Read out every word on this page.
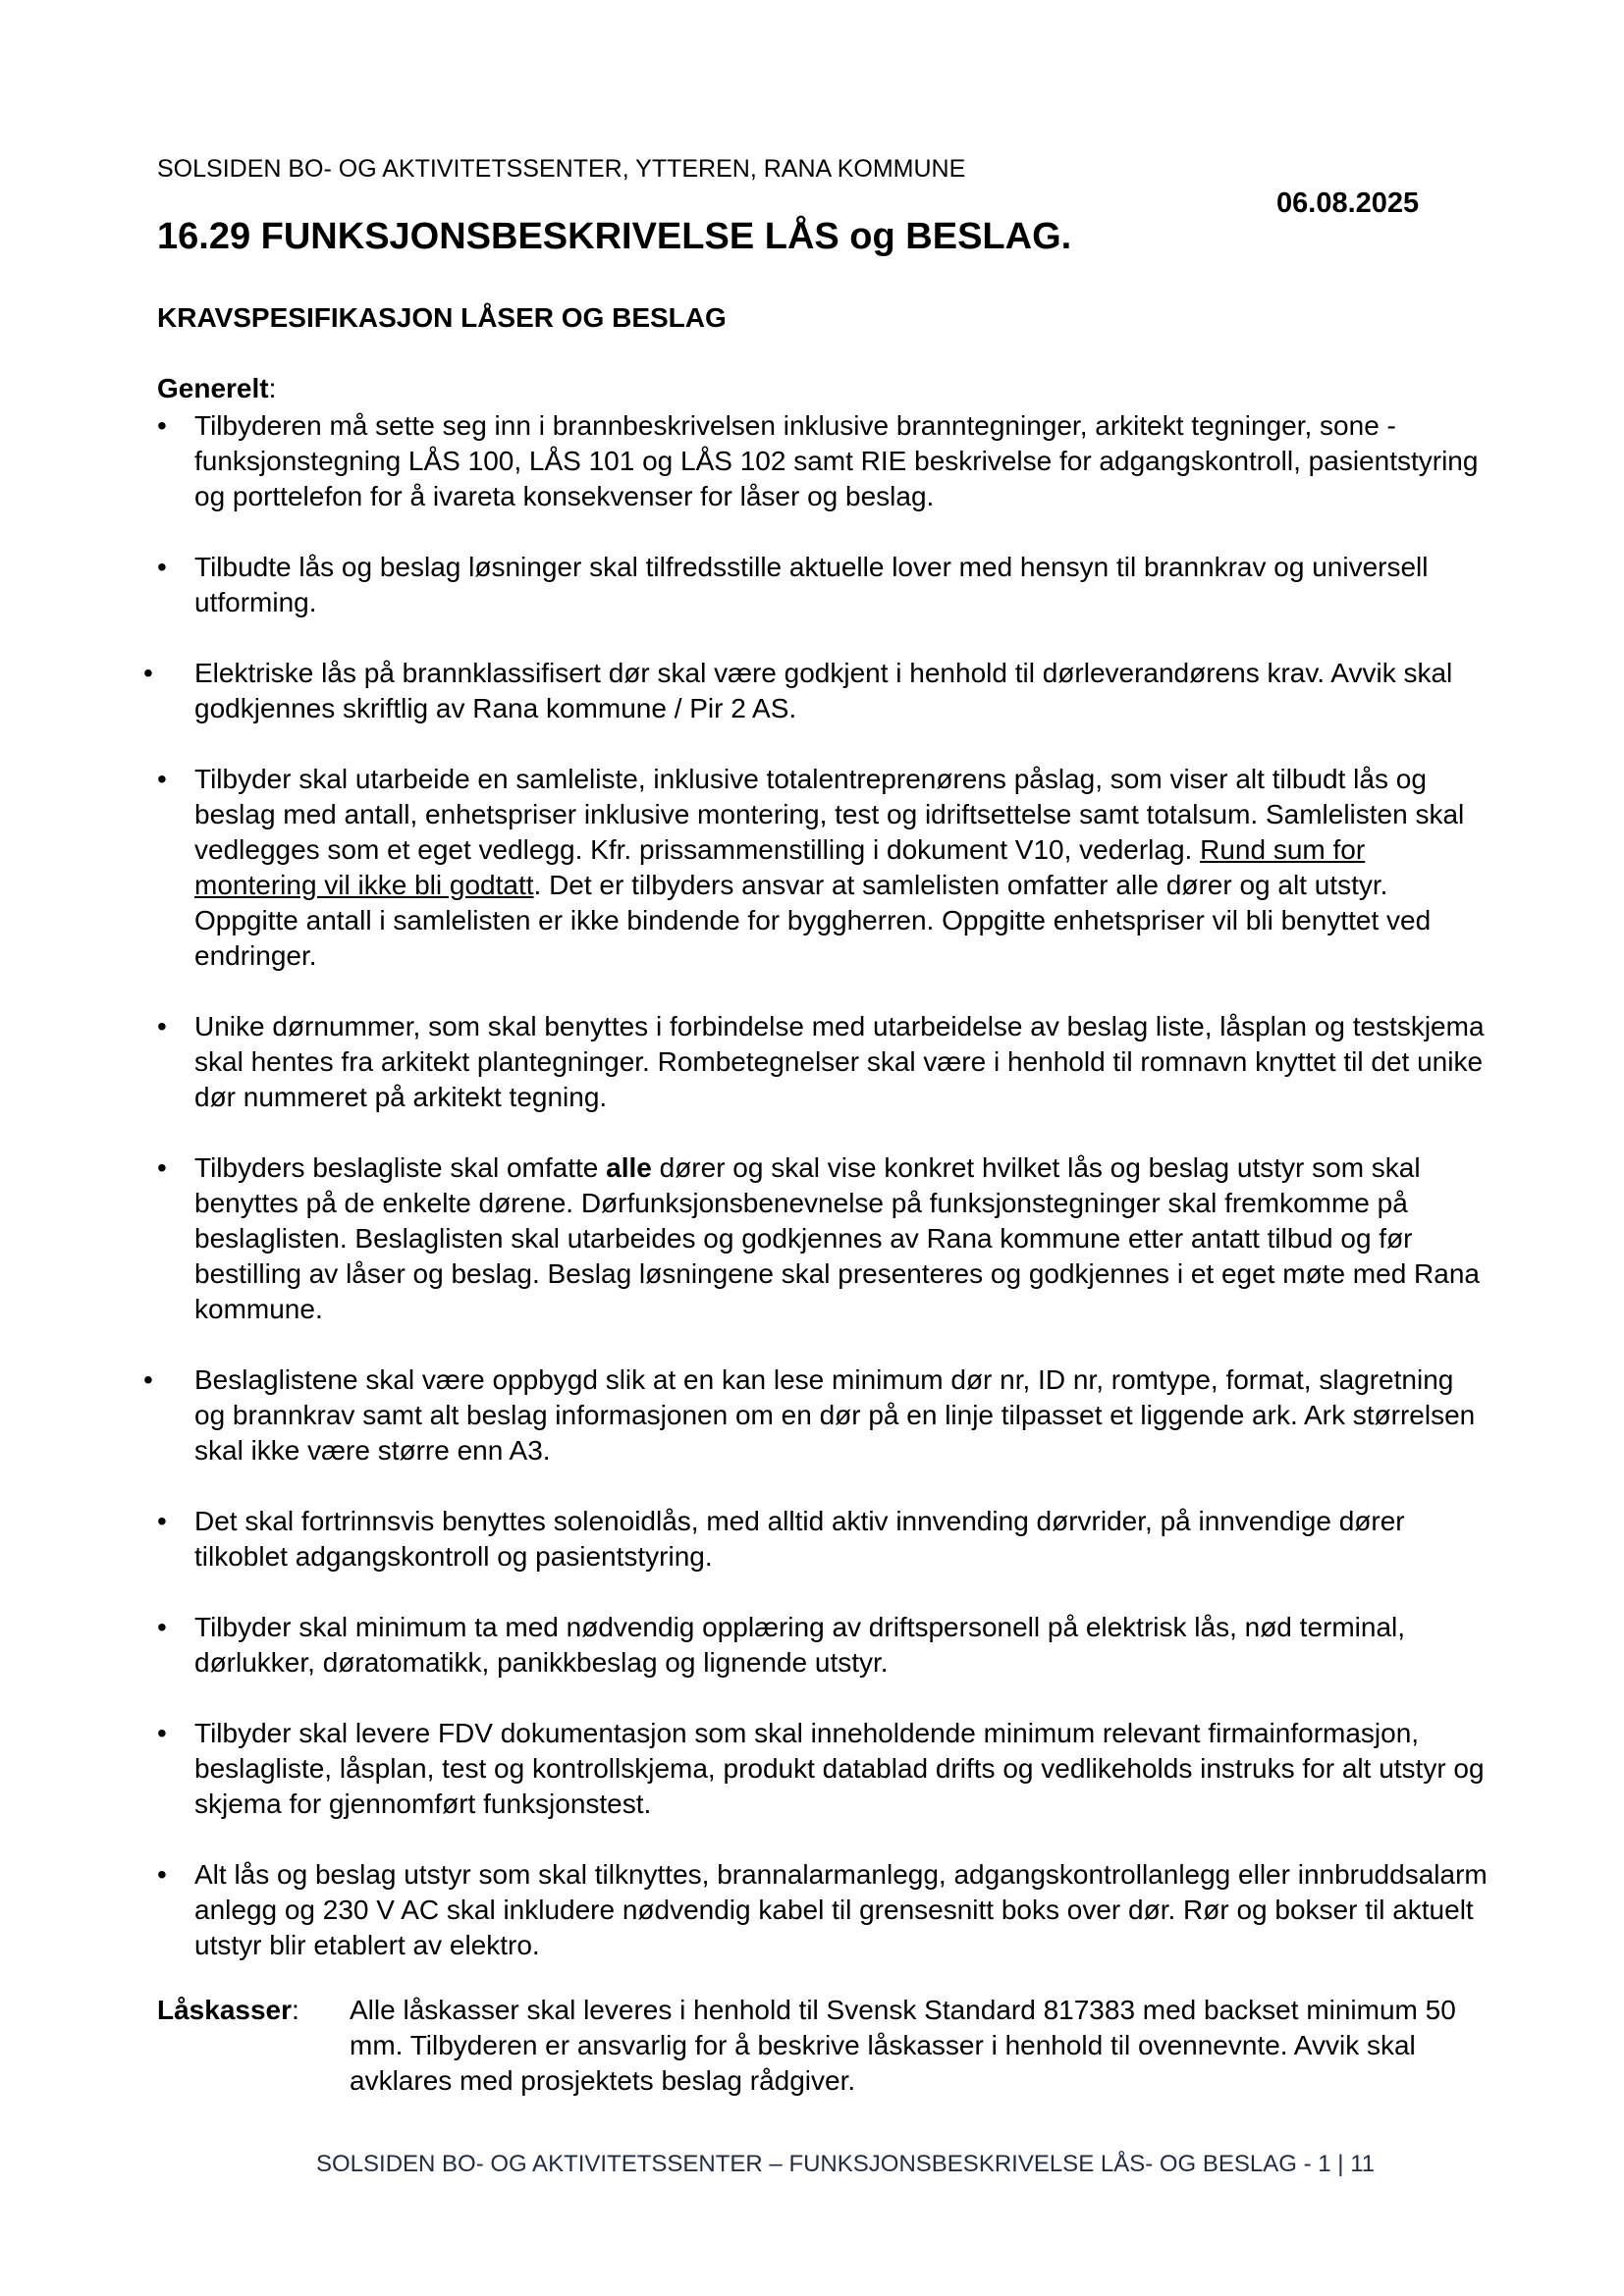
SOLSIDEN BO- OG AKTIVITETSSENTER, YTTEREN, RANA KOMMUNE
06.08.2025
16.29 FUNKSJONSBESKRIVELSE LÅS og BESLAG.
KRAVSPESIFIKASJON LÅSER OG BESLAG
Generelt:
•	Tilbyderen må sette seg inn i brannbeskrivelsen inklusive branntegninger, arkitekt tegninger, sone - funksjonstegning LÅS 100, LÅS 101 og LÅS 102 samt RIE beskrivelse for adgangskontroll, pasientstyring og porttelefon for å ivareta konsekvenser for låser og beslag.
•	Tilbudte lås og beslag løsninger skal tilfredsstille aktuelle lover med hensyn til brannkrav og universell utforming.
•	Elektriske lås på brannklassifisert dør skal være godkjent i henhold til dørleverandørens krav. Avvik skal godkjennes skriftlig av Rana kommune / Pir 2 AS.
•	Tilbyder skal utarbeide en samleliste, inklusive totalentreprenørens påslag, som viser alt tilbudt lås og beslag med antall, enhetspriser inklusive montering, test og idriftsettelse samt totalsum. Samlelisten skal vedlegges som et eget vedlegg. Kfr. prissammenstilling i dokument V10, vederlag. Rund sum for montering vil ikke bli godtatt. Det er tilbyders ansvar at samlelisten omfatter alle dører og alt utstyr. Oppgitte antall i samlelisten er ikke bindende for byggherren. Oppgitte enhetspriser vil bli benyttet ved endringer.
•	Unike dørnummer, som skal benyttes i forbindelse med utarbeidelse av beslag liste, låsplan og testskjema skal hentes fra arkitekt plantegninger. Rombetegnelser skal være i henhold til romnavn knyttet til det unike dør nummeret på arkitekt tegning.
•	Tilbyders beslagliste skal omfatte alle dører og skal vise konkret hvilket lås og beslag utstyr som skal benyttes på de enkelte dørene. Dørfunksjonsbenevnelse på funksjonstegninger skal fremkomme på beslaglisten. Beslaglisten skal utarbeides og godkjennes av Rana kommune etter antatt tilbud og før bestilling av låser og beslag. Beslag løsningene skal presenteres og godkjennes i et eget møte med Rana kommune.
•	Beslaglistene skal være oppbygd slik at en kan lese minimum dør nr, ID nr, romtype, format, slagretning og brannkrav samt alt beslag informasjonen om en dør på en linje tilpasset et liggende ark. Ark størrelsen skal ikke være større enn A3.
•	Det skal fortrinnsvis benyttes solenoidlås, med alltid aktiv innvending dørvrider, på innvendige dører tilkoblet adgangskontroll og pasientstyring.
•	Tilbyder skal minimum ta med nødvendig opplæring av driftspersonell på elektrisk lås, nød terminal, dørlukker, døratomatikk, panikkbeslag og lignende utstyr.
•	Tilbyder skal levere FDV dokumentasjon som skal inneholdende minimum relevant firmainformasjon, beslagliste, låsplan, test og kontrollskjema, produkt datablad drifts og vedlikeholds instruks for alt utstyr og skjema for gjennomført funksjonstest.
•	Alt lås og beslag utstyr som skal tilknyttes, brannalarmanlegg, adgangskontrollanlegg eller innbruddsalarm anlegg og 230 V AC skal inkludere nødvendig kabel til grensesnitt boks over dør. Rør og bokser til aktuelt utstyr blir etablert av elektro.
Låskasser: Alle låskasser skal leveres i henhold til Svensk Standard 817383 med backset minimum 50 mm. Tilbyderen er ansvarlig for å beskrive låskasser i henhold til ovennevnte. Avvik skal avklares med prosjektets beslag rådgiver.
SOLSIDEN BO- OG AKTIVITETSSENTER – FUNKSJONSBESKRIVELSE LÅS- OG BESLAG - 1 | 11
